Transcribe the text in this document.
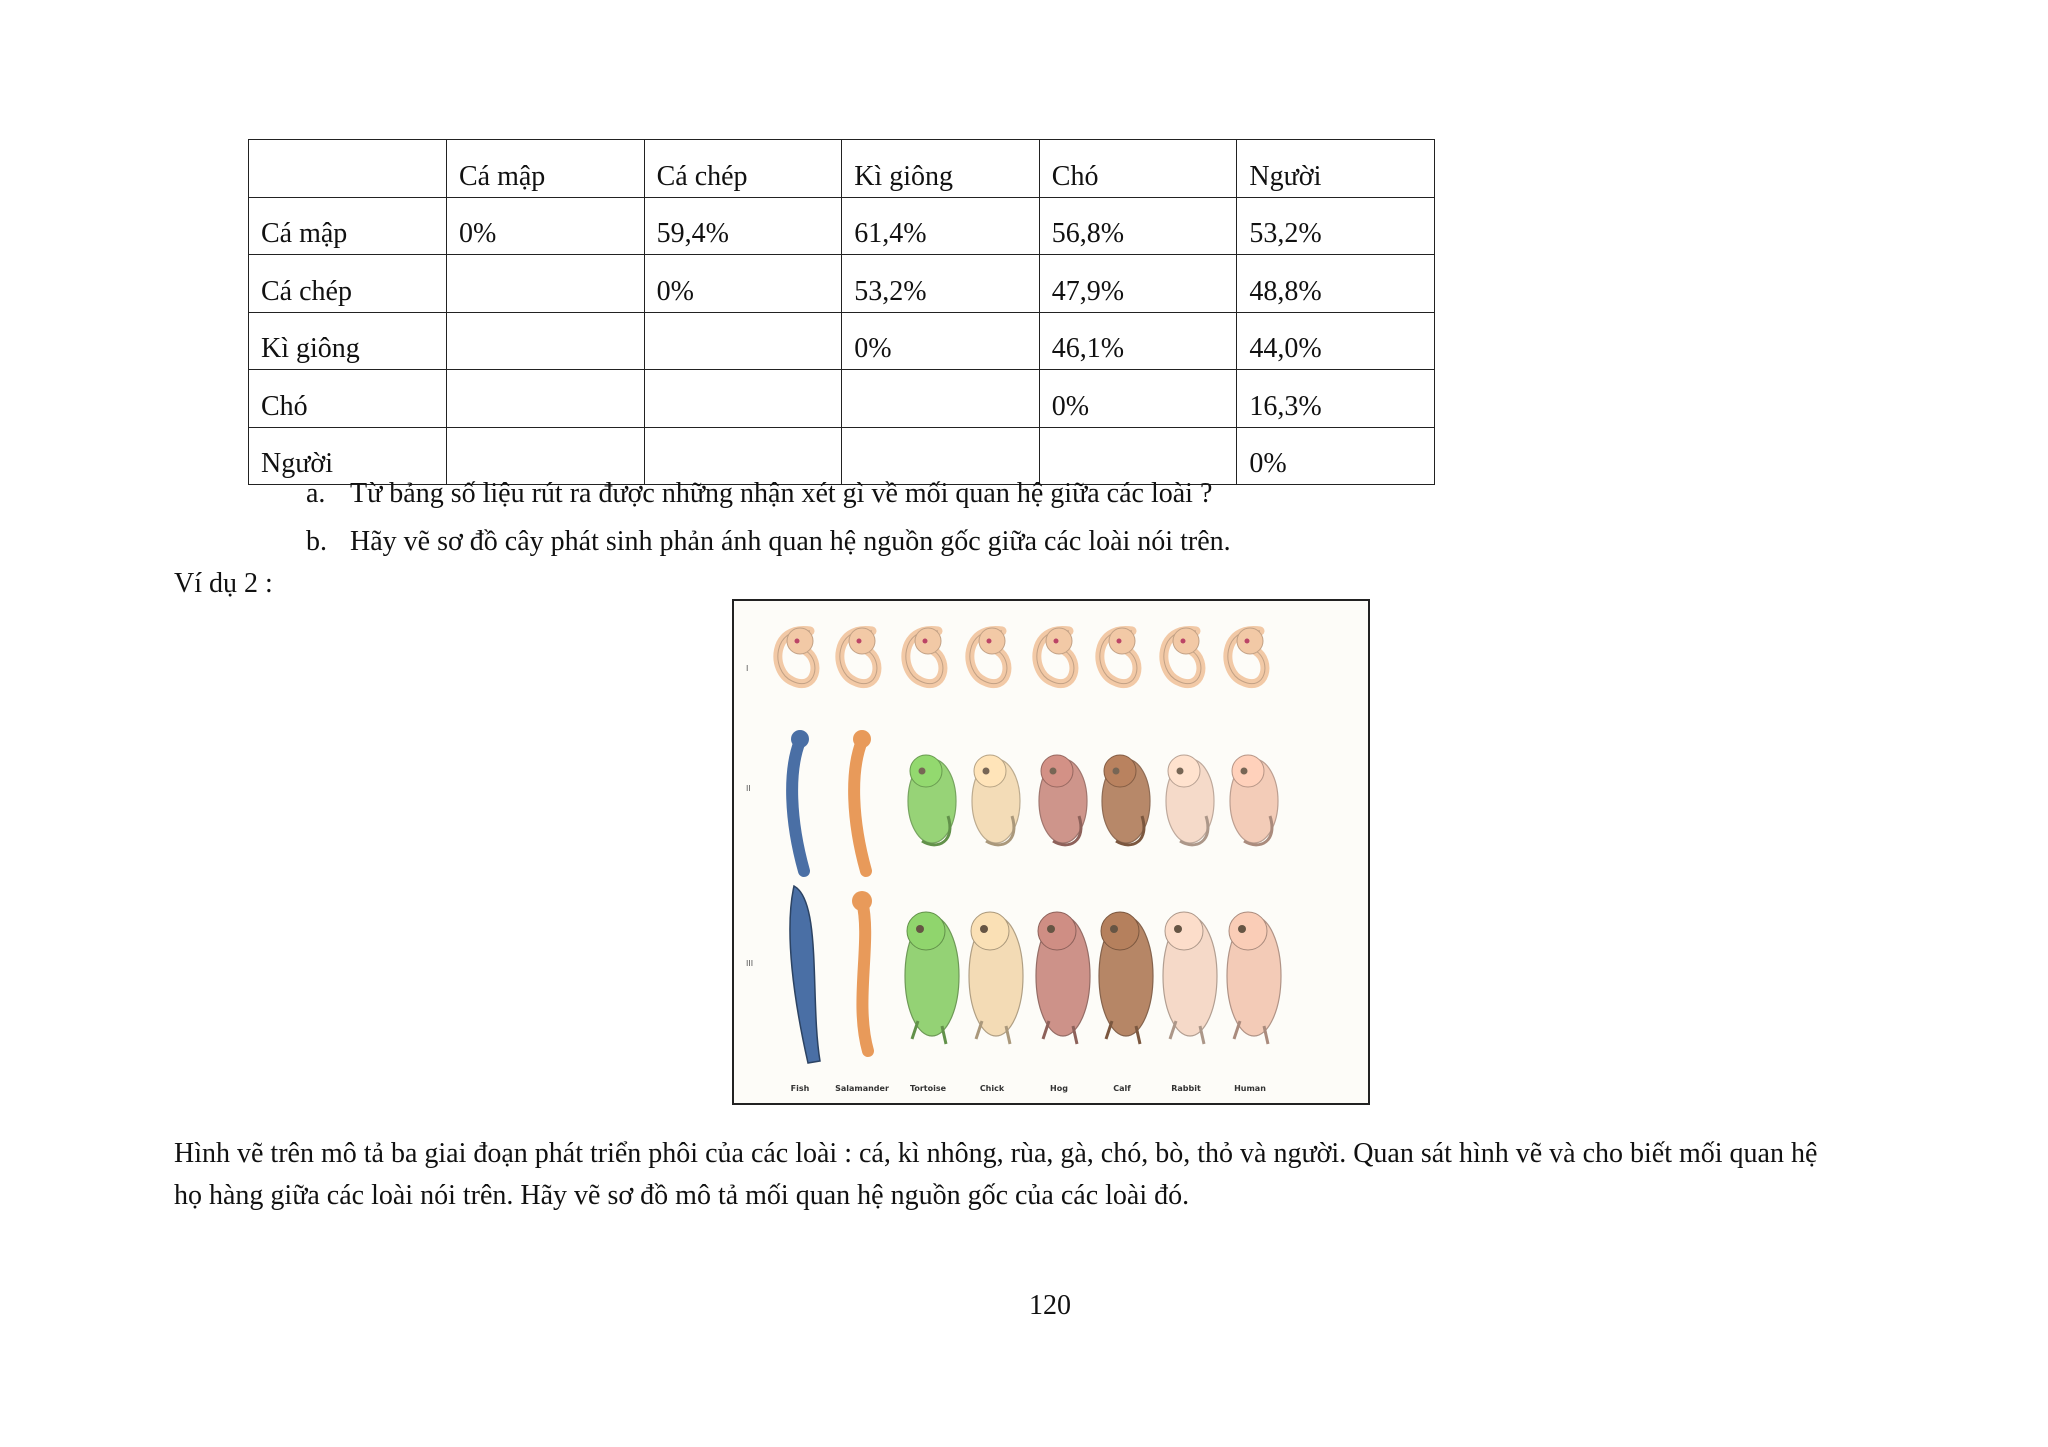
	Cá mập	Cá chép	Kì giông	Chó	Người
Cá mập	0%	59,4%	61,4%	56,8%	53,2%
Cá chép		0%	53,2%	47,9%	48,8%
Kì giông			0%	46,1%	44,0%
Chó				0%	16,3%
Người					0%
a. Từ bảng số liệu rút ra được những nhận xét gì về mối quan hệ giữa các loài ?
b. Hãy vẽ sơ đồ cây phát sinh phản ánh quan hệ nguồn gốc giữa các loài nói trên.
Ví dụ 2 :
I
II
III
Fish	Salamander	Tortoise	Chick	Hog	Calf	Rabbit	Human
Hình vẽ trên mô tả ba giai đoạn phát triển phôi của các loài : cá, kì nhông, rùa, gà, chó, bò, thỏ và người. Quan sát hình vẽ và cho biết mối quan hệ
họ hàng giữa các loài nói trên. Hãy vẽ sơ đồ mô tả mối quan hệ nguồn gốc của các loài đó.
120
